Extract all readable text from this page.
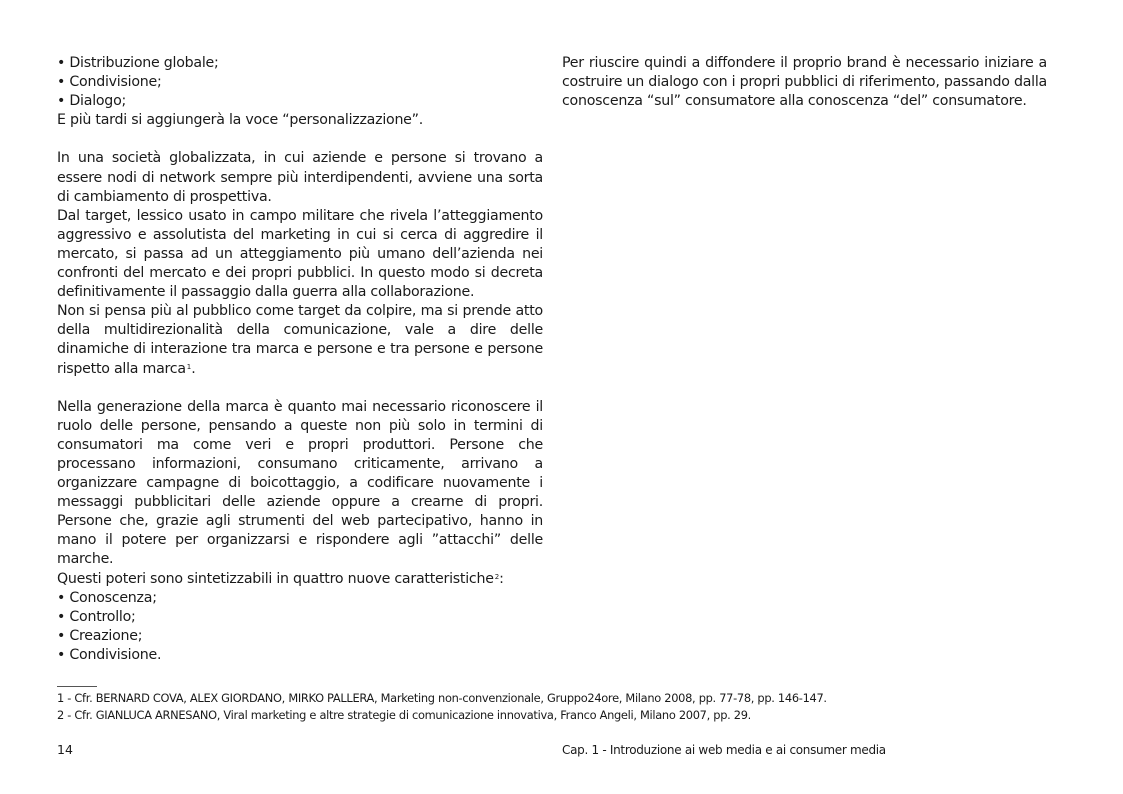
• Distribuzione globale;
• Condivisione;
• Dialogo;

E più tardi si aggiungerà la voce “personalizzazione”.

In una società globalizzata, in cui aziende e persone si trovano a essere nodi di network sempre più interdipendenti, avviene una sorta di cambiamento di prospettiva.

Dal target, lessico usato in campo militare che rivela l’atteggiamento aggressivo e assolutista del marketing in cui si cerca di aggredire il mercato, si passa ad un atteggiamento più umano dell’azienda nei confronti del mercato e dei propri pubblici. In questo modo si decreta definitivamente il passaggio dalla guerra alla collaborazione.

Non si pensa più al pubblico come target da colpire, ma si prende atto della multidirezionalità della comunicazione, vale a dire delle dinamiche di interazione tra marca e persone e tra persone e persone rispetto alla marca$^1$.

Nella generazione della marca è quanto mai necessario riconoscere il ruolo delle persone, pensando a queste non più solo in termini di consumatori ma come veri e propri produttori. Persone che processano informazioni, consumano criticamente, arrivano a organizzare campagne di boicottaggio, a codificare nuovamente i messaggi pubblicitari delle aziende oppure a crearne di propri. Persone che, grazie agli strumenti del web partecipativo, hanno in mano il potere per organizzarsi e rispondere agli ”attacchi” delle marche.

Questi poteri sono sintetizzabili in quattro nuove caratteristiche$^2$:

• Conoscenza;
• Controllo;
• Creazione;
• Condivisione.

Per riuscire quindi a diffondere il proprio brand è necessario iniziare a costruire un dialogo con i propri pubblici di riferimento, passando dalla conoscenza “sul” consumatore alla conoscenza “del” consumatore.

1 - Cfr. BERNARD COVA, ALEX GIORDANO, MIRKO PALLERA, Marketing non-convenzionale, Gruppo24ore, Milano 2008, pp. 77-78, pp. 146-147.
2 - Cfr. GIANLUCA ARNESANO, Viral marketing e altre strategie di comunicazione innovativa, Franco Angeli, Milano 2007, pp. 29.
14	Cap. 1 - Introduzione ai web media e ai consumer media
